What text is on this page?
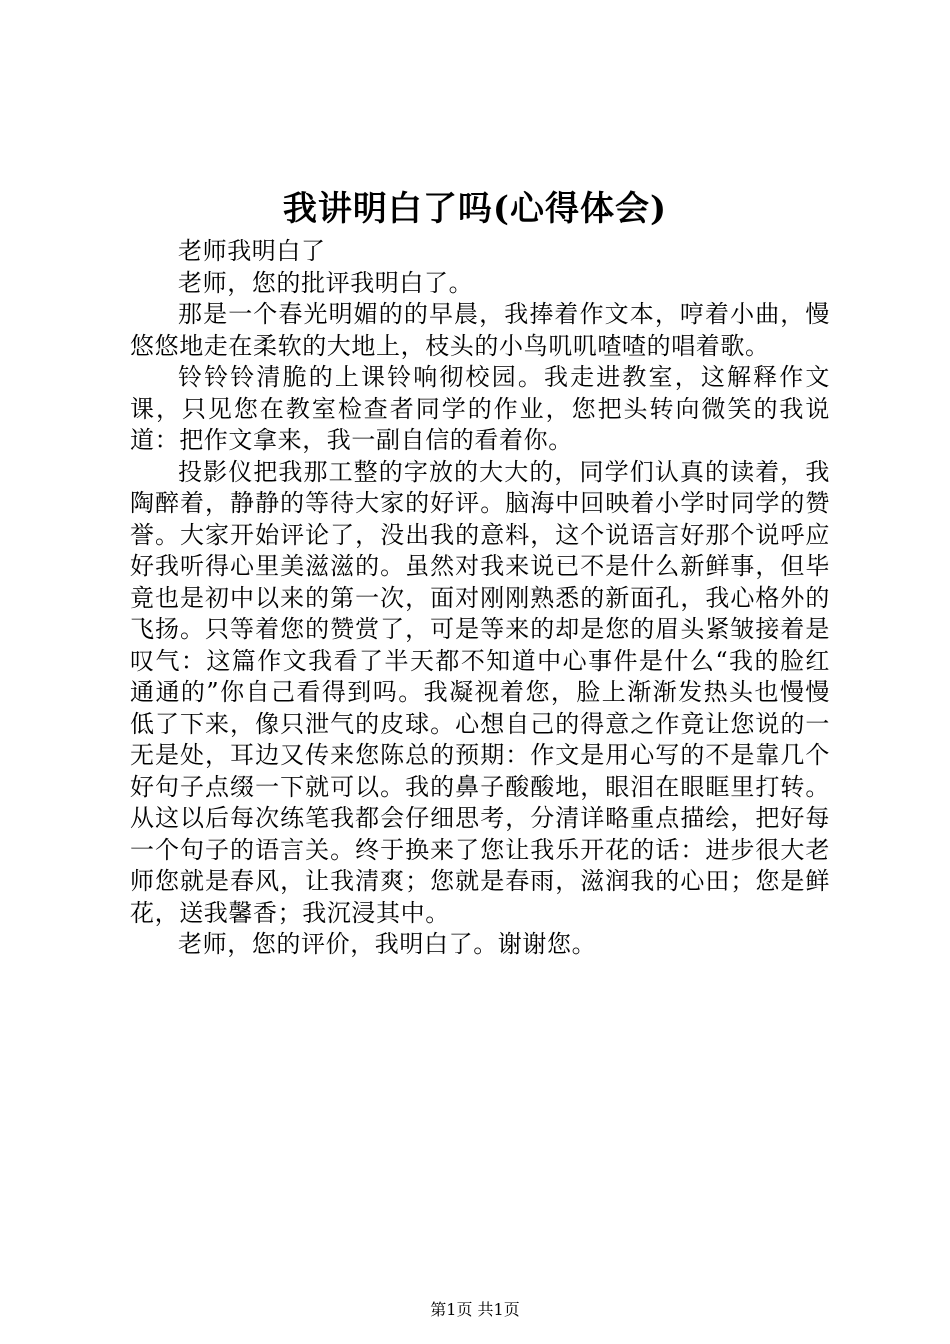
我讲明白了吗(心得体会)

老师我明白了

老师，您的批评我明白了。

那是一个春光明媚的的早晨，我捧着作文本，哼着小曲，慢悠悠地走在柔软的大地上，枝头的小鸟叽叽喳喳的唱着歌。

铃铃铃清脆的上课铃响彻校园。我走进教室，这解释作文课，只见您在教室检查者同学的作业，您把头转向微笑的我说道：把作文拿来，我一副自信的看着你。

投影仪把我那工整的字放的大大的，同学们认真的读着，我陶醉着，静静的等待大家的好评。脑海中回映着小学时同学的赞誉。大家开始评论了，没出我的意料，这个说语言好那个说呼应好我听得心里美滋滋的。虽然对我来说已不是什么新鲜事，但毕竟也是初中以来的第一次，面对刚刚熟悉的新面孔，我心格外的飞扬。只等着您的赞赏了，可是等来的却是您的眉头紧皱接着是叹气：这篇作文我看了半天都不知道中心事件是什么“我的脸红通通的”你自己看得到吗。我凝视着您，脸上渐渐发热头也慢慢低了下来，像只泄气的皮球。心想自己的得意之作竟让您说的一无是处，耳边又传来您陈总的预期：作文是用心写的不是靠几个好句子点缀一下就可以。我的鼻子酸酸地，眼泪在眼眶里打转。从这以后每次练笔我都会仔细思考，分清详略重点描绘，把好每一个句子的语言关。终于换来了您让我乐开花的话：进步很大老师您就是春风，让我清爽；您就是春雨，滋润我的心田；您是鲜花，送我馨香；我沉浸其中。

老师，您的评价，我明白了。谢谢您。

第1页 共1页
